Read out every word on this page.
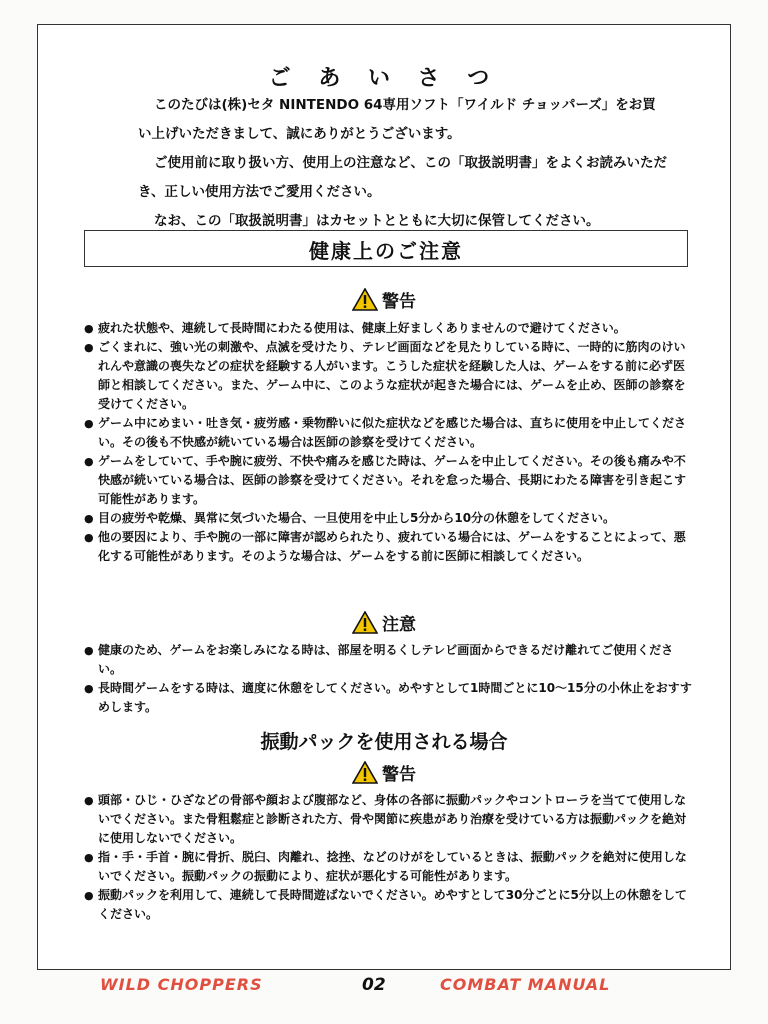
ご あ い さ つ

このたびは(株)セタ NINTENDO 64専用ソフト「ワイルド チョッパーズ」をお買い上げいただきまして、誠にありがとうございます。

ご使用前に取り扱い方、使用上の注意など、この「取扱説明書」をよくお読みいただき、正しい使用方法でご愛用ください。

なお、この「取扱説明書」はカセットとともに大切に保管してください。

健康上のご注意
警告
● 疲れた状態や、連続して長時間にわたる使用は、健康上好ましくありませんので避けてください。
● ごくまれに、強い光の刺激や、点滅を受けたり、テレビ画面などを見たりしている時に、一時的に筋肉のけいれんや意識の喪失などの症状を経験する人がいます。こうした症状を経験した人は、ゲームをする前に必ず医師と相談してください。また、ゲーム中に、このような症状が起きた場合には、ゲームを止め、医師の診察を受けてください。
● ゲーム中にめまい・吐き気・疲労感・乗物酔いに似た症状などを感じた場合は、直ちに使用を中止してください。その後も不快感が続いている場合は医師の診察を受けてください。
● ゲームをしていて、手や腕に疲労、不快や痛みを感じた時は、ゲームを中止してください。その後も痛みや不快感が続いている場合は、医師の診察を受けてください。それを怠った場合、長期にわたる障害を引き起こす可能性があります。
● 目の疲労や乾燥、異常に気づいた場合、一旦使用を中止し5分から10分の休憩をしてください。
● 他の要因により、手や腕の一部に障害が認められたり、疲れている場合には、ゲームをすることによって、悪化する可能性があります。そのような場合は、ゲームをする前に医師に相談してください。
注意
● 健康のため、ゲームをお楽しみになる時は、部屋を明るくしテレビ画面からできるだけ離れてご使用ください。
● 長時間ゲームをする時は、適度に休憩をしてください。めやすとして1時間ごとに10～15分の小休止をおすすめします。
振動パックを使用される場合
警告
● 頭部・ひじ・ひざなどの骨部や顔および腹部など、身体の各部に振動パックやコントローラを当てて使用しないでください。また骨粗鬆症と診断された方、骨や関節に疾患があり治療を受けている方は振動パックを絶対に使用しないでください。
● 指・手・手首・腕に骨折、脱臼、肉離れ、捻挫、などのけがをしているときは、振動パックを絶対に使用しないでください。振動パックの振動により、症状が悪化する可能性があります。
● 振動パックを利用して、連続して長時間遊ばないでください。めやすとして30分ごとに5分以上の休憩をしてください。
WILD CHOPPERS	02	COMBAT MANUAL
